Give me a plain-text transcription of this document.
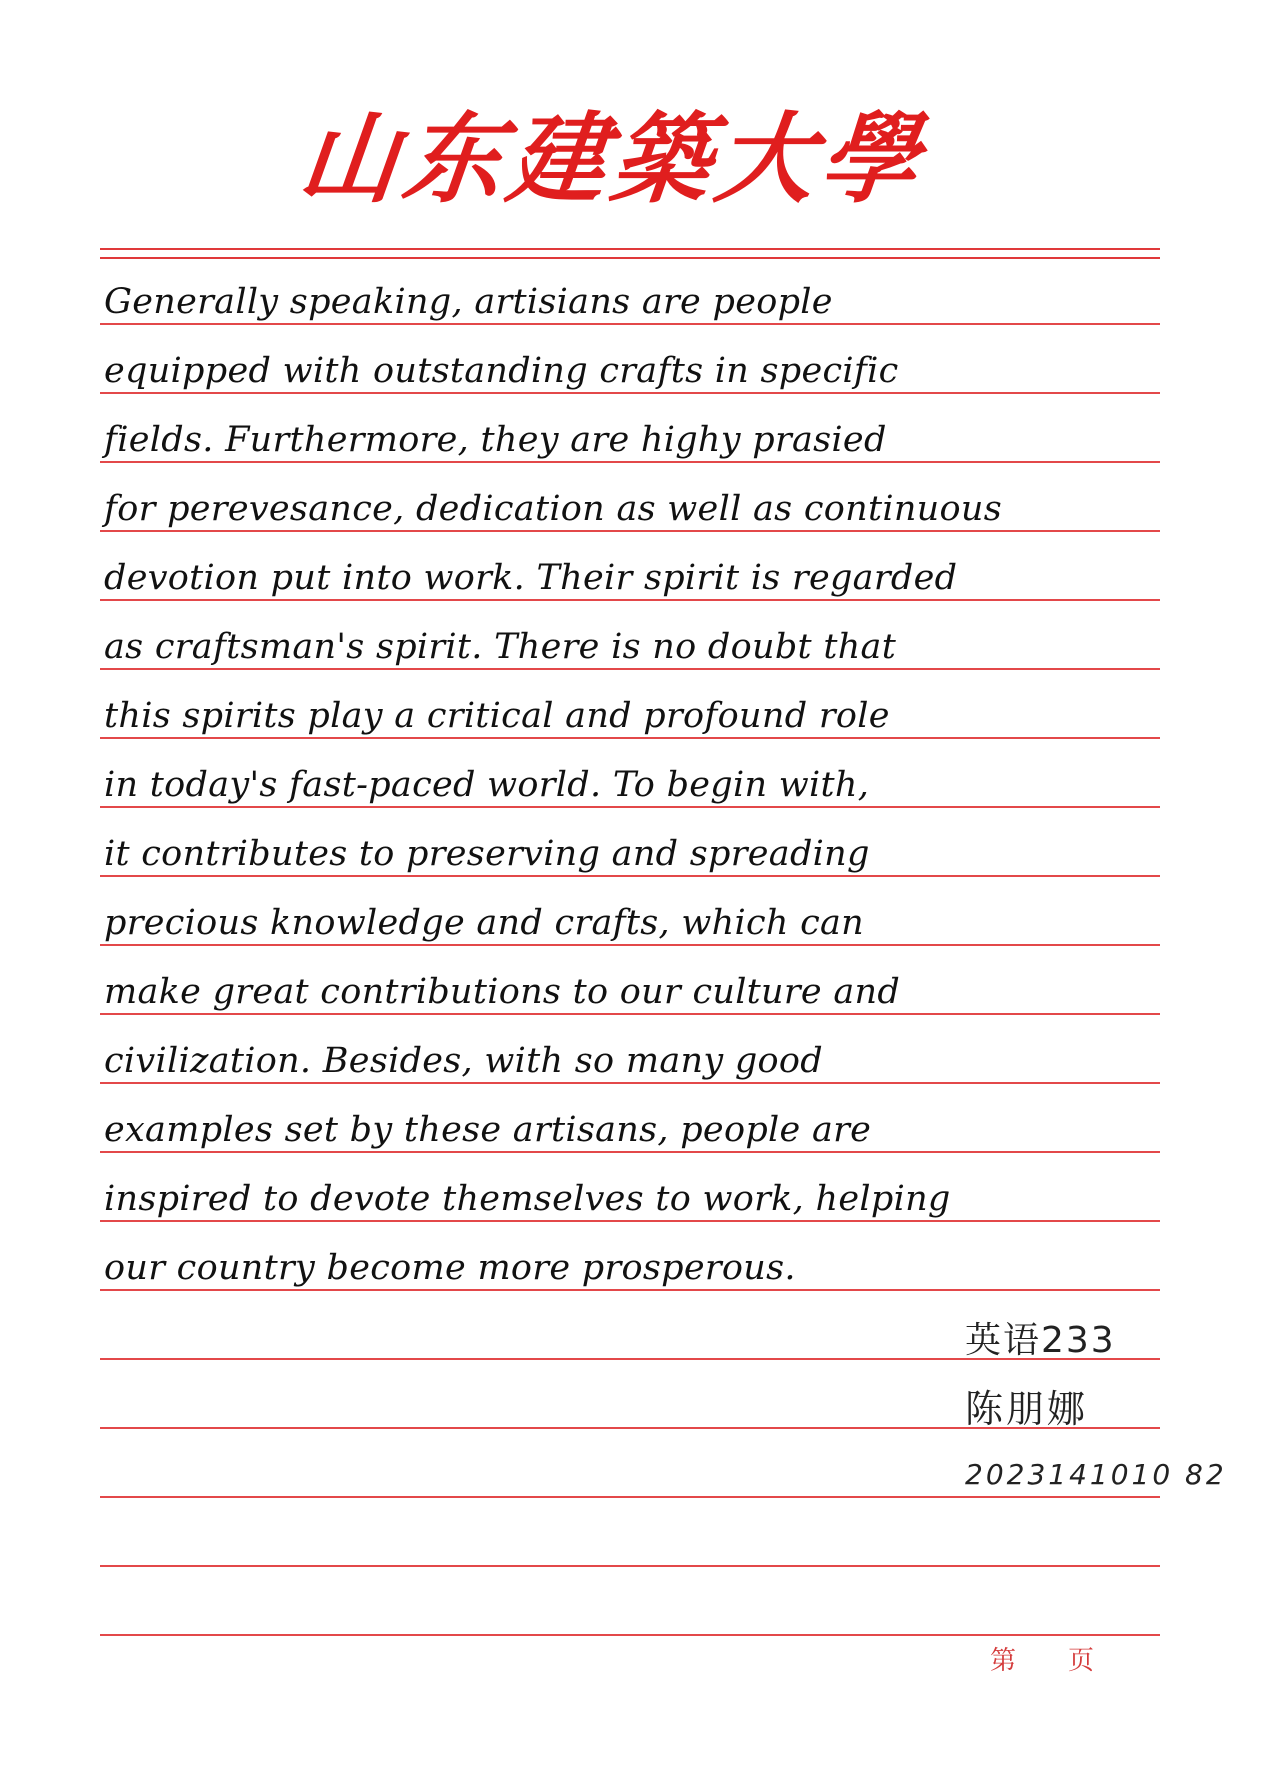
山东建築大學
Generally speaking, artisians are people
equipped with outstanding crafts in specific
fields. Furthermore, they are highy prasied
for perevesance, dedication as well as continuous
devotion put into work. Their spirit is regarded
as craftsman's spirit. There is no doubt that
this spirits play a critical and profound role
in today's fast-paced world. To begin with,
it contributes to preserving and spreading
precious knowledge and crafts, which can
make great contributions to our culture and
civilization. Besides, with so many good
examples set by these artisans, people are
inspired to devote themselves to work, helping
our country become more prosperous.
英语233
陈朋娜
2023141010 82
第 页
